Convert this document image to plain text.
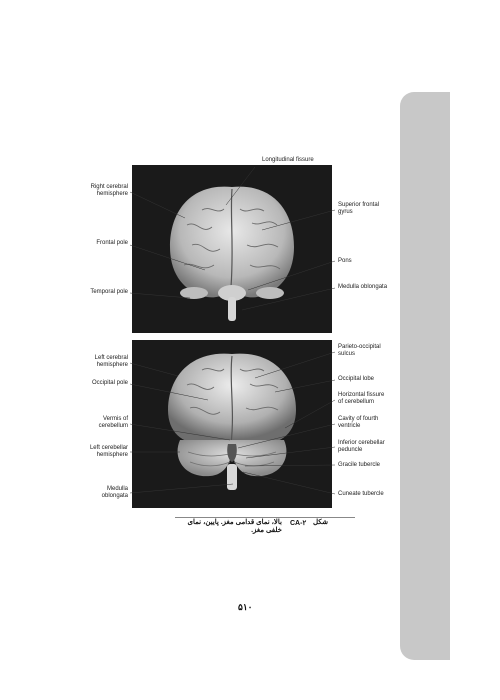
Longitudinal fissure
Right cerebral
hemisphere
Superior frontal
gyrus
Frontal pole
Pons
Temporal pole
Medulla oblongata
Left cerebral
hemisphere
Parieto-occipital
sulcus
Occipital pole
Occipital lobe
Horizontal fissure
of cerebellum
Vermis of
cerebellum
Cavity of fourth
ventricle
Left cerebellar
hemisphere
Inferior cerebellar
peduncle
Gracile tubercle
Medulla
oblongata	Cuneate tubercle
شکل
CA-۲
بالا، نمای قدامی مغز. پایین، نمای خلفی مغز.
۵۱۰
